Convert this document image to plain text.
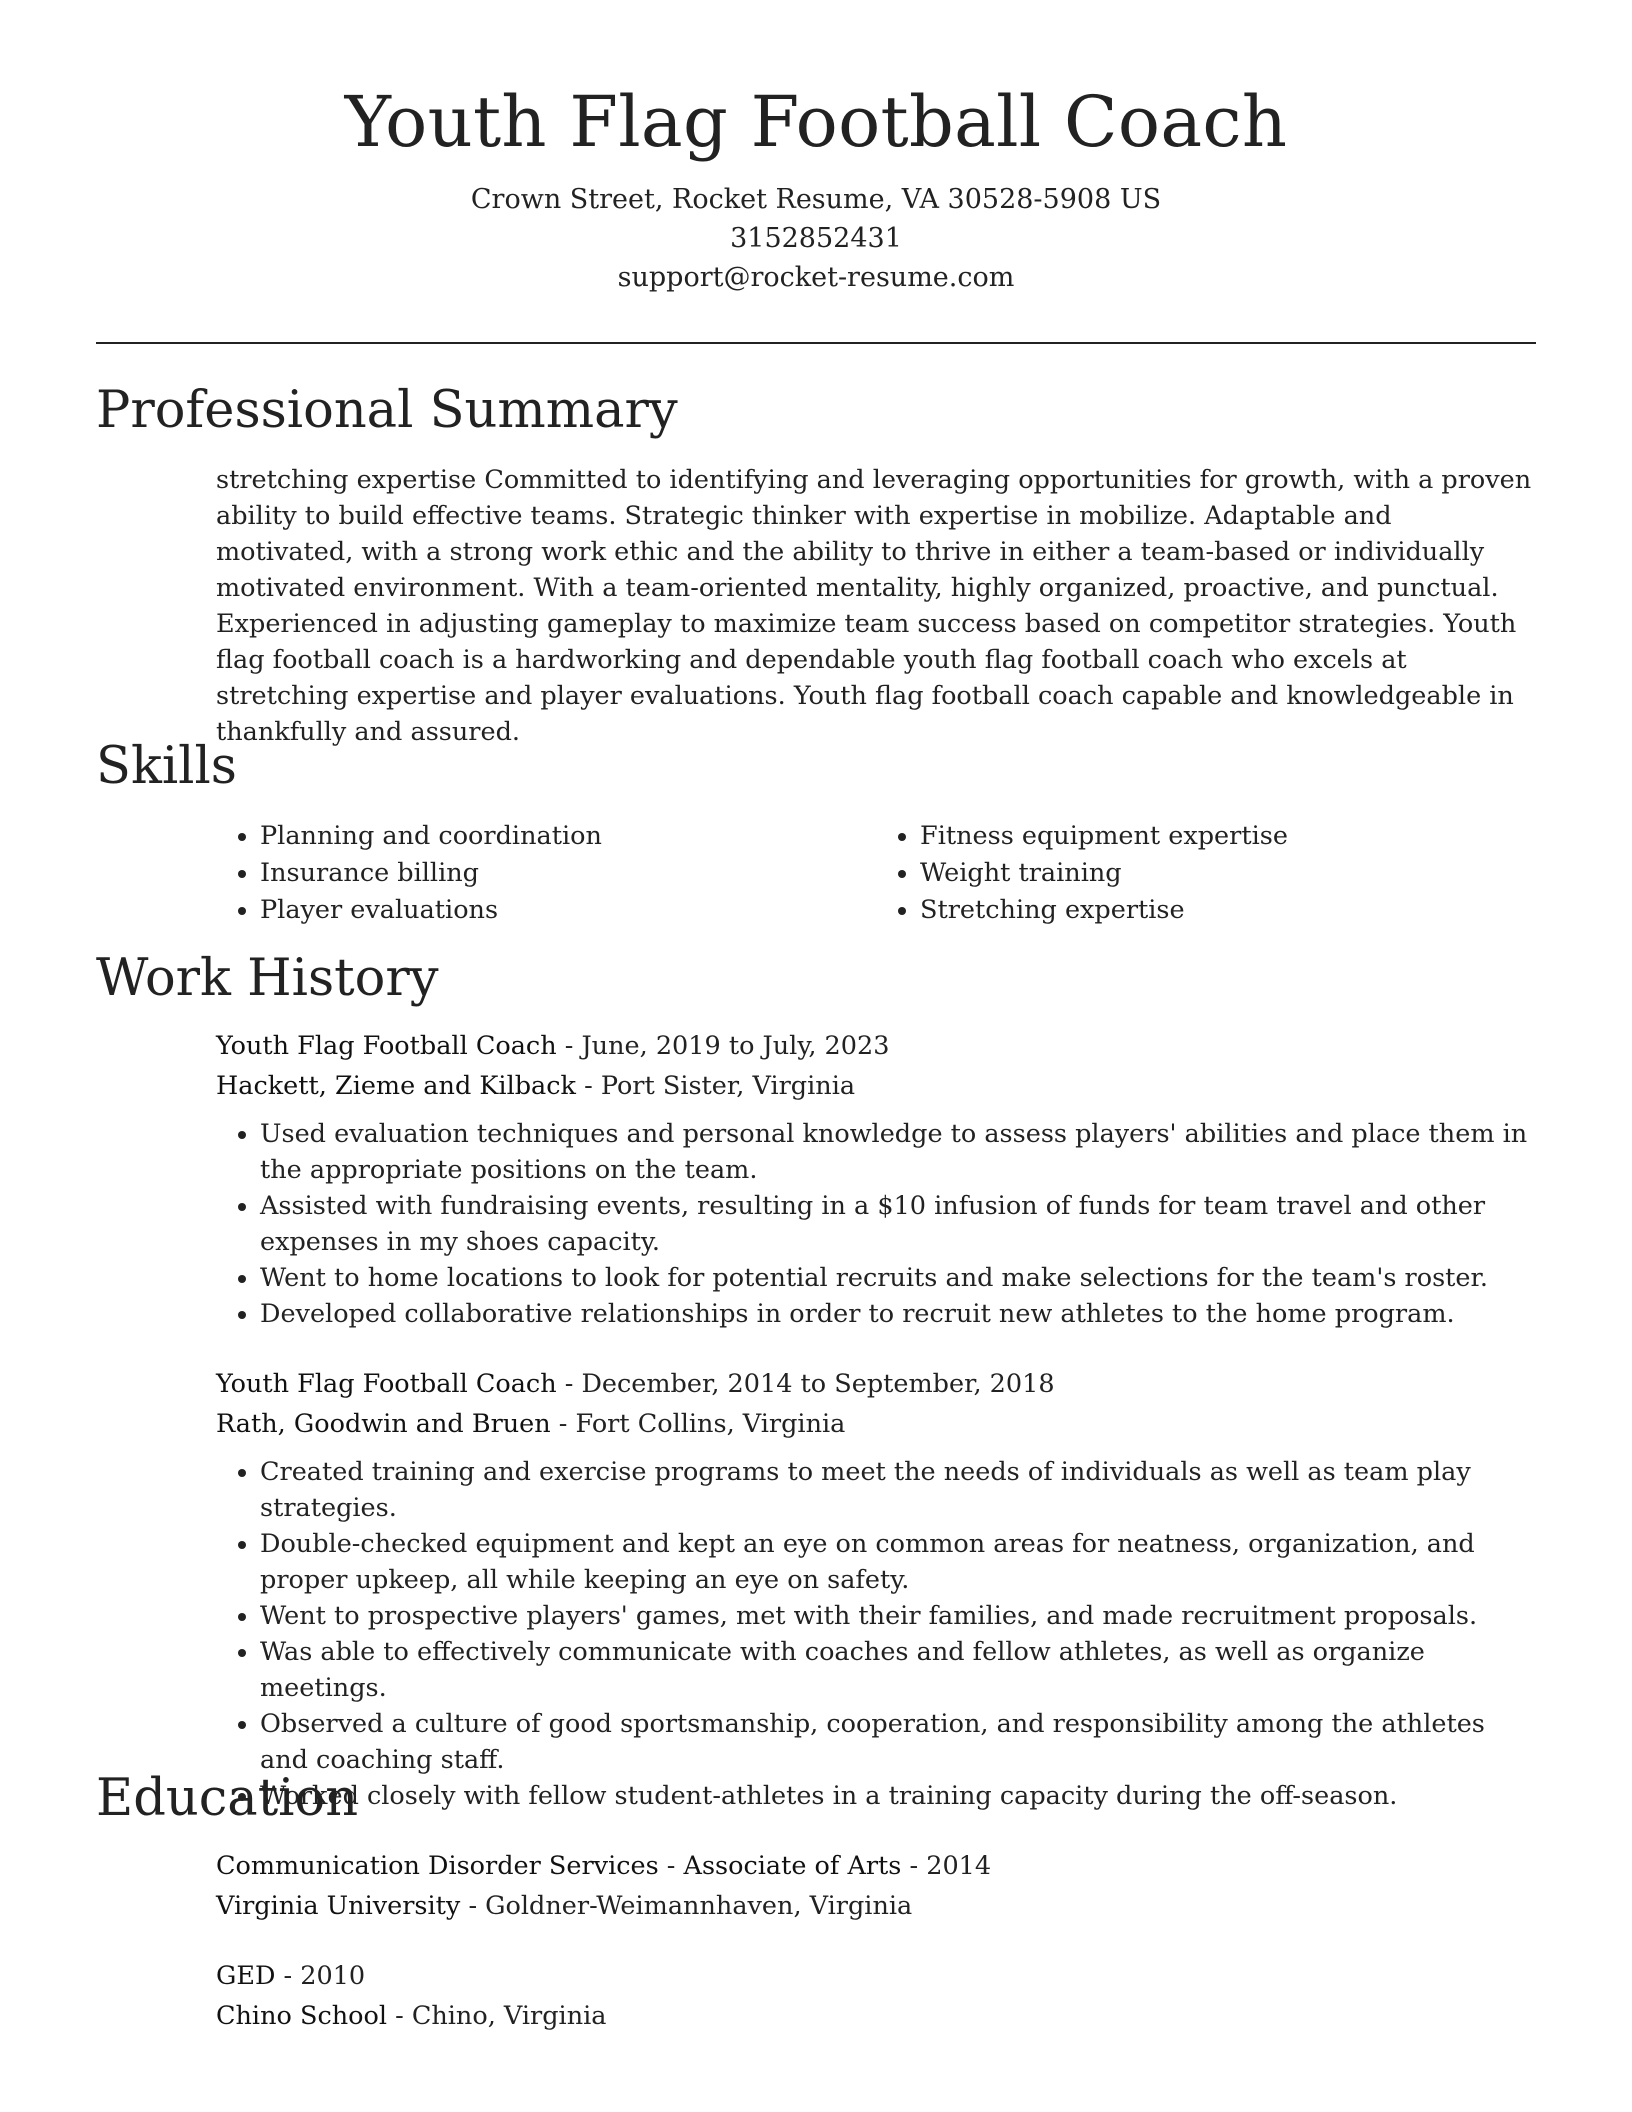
Youth Flag Football Coach
Crown Street, Rocket Resume, VA 30528-5908 US
3152852431
support@rocket-resume.com
Professional Summary
stretching expertise Committed to identifying and leveraging opportunities for growth, with a proven ability to build effective teams. Strategic thinker with expertise in mobilize. Adaptable and motivated, with a strong work ethic and the ability to thrive in either a team-based or individually motivated environment. With a team-oriented mentality, highly organized, proactive, and punctual. Experienced in adjusting gameplay to maximize team success based on competitor strategies. Youth flag football coach is a hardworking and dependable youth flag football coach who excels at stretching expertise and player evaluations. Youth flag football coach capable and knowledgeable in thankfully and assured.
Skills
• Planning and coordination
• Insurance billing
• Player evaluations
• Fitness equipment expertise
• Weight training
• Stretching expertise
Work History
Youth Flag Football Coach - June, 2019 to July, 2023
Hackett, Zieme and Kilback - Port Sister, Virginia
• Used evaluation techniques and personal knowledge to assess players' abilities and place them in the appropriate positions on the team.
• Assisted with fundraising events, resulting in a $10 infusion of funds for team travel and other expenses in my shoes capacity.
• Went to home locations to look for potential recruits and make selections for the team's roster.
• Developed collaborative relationships in order to recruit new athletes to the home program.
Youth Flag Football Coach - December, 2014 to September, 2018
Rath, Goodwin and Bruen - Fort Collins, Virginia
• Created training and exercise programs to meet the needs of individuals as well as team play strategies.
• Double-checked equipment and kept an eye on common areas for neatness, organization, and proper upkeep, all while keeping an eye on safety.
• Went to prospective players' games, met with their families, and made recruitment proposals.
• Was able to effectively communicate with coaches and fellow athletes, as well as organize meetings.
• Observed a culture of good sportsmanship, cooperation, and responsibility among the athletes and coaching staff.
• Worked closely with fellow student-athletes in a training capacity during the off-season.
Education
Communication Disorder Services - Associate of Arts - 2014
Virginia University - Goldner-Weimannhaven, Virginia
GED - 2010
Chino School - Chino, Virginia
